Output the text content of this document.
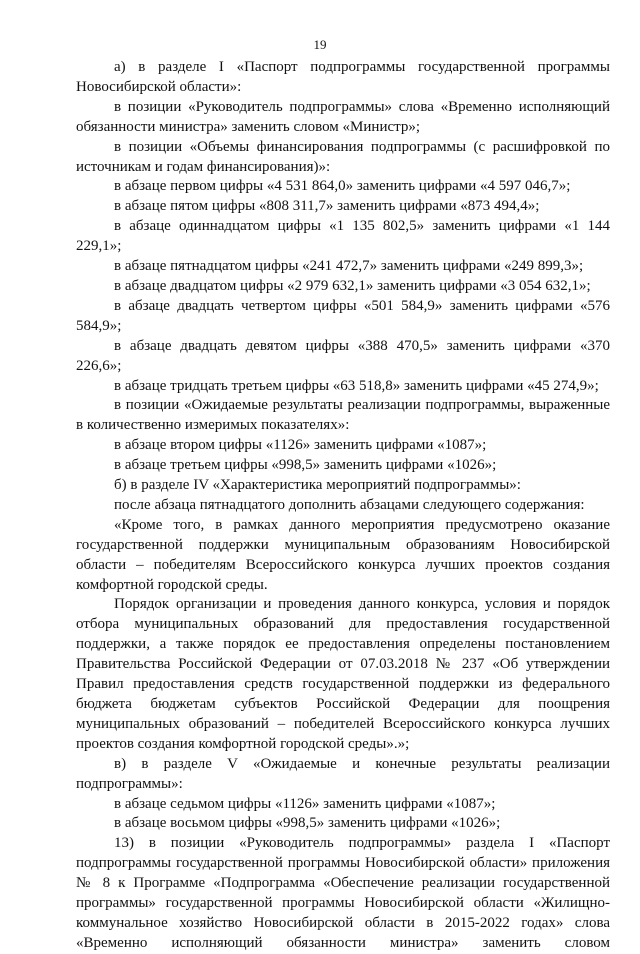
19

а) в разделе I «Паспорт подпрограммы государственной программы Новосибирской области»:

в позиции «Руководитель подпрограммы» слова «Временно исполняющий обязанности министра» заменить словом «Министр»;

в позиции «Объемы финансирования подпрограммы (с расшифровкой по источникам и годам финансирования)»:

в абзаце первом цифры «4 531 864,0» заменить цифрами «4 597 046,7»;

в абзаце пятом цифры «808 311,7» заменить цифрами «873 494,4»;

в абзаце одиннадцатом цифры «1 135 802,5» заменить цифрами «1 144 229,1»;

в абзаце пятнадцатом цифры «241 472,7» заменить цифрами «249 899,3»;

в абзаце двадцатом цифры «2 979 632,1» заменить цифрами «3 054 632,1»;

в абзаце двадцать четвертом цифры «501 584,9» заменить цифрами «576 584,9»;

в абзаце двадцать девятом цифры «388 470,5» заменить цифрами «370 226,6»;

в абзаце тридцать третьем цифры «63 518,8» заменить цифрами «45 274,9»;

в позиции «Ожидаемые результаты реализации подпрограммы, выраженные в количественно измеримых показателях»:

в абзаце втором цифры «1126» заменить цифрами «1087»;

в абзаце третьем цифры «998,5» заменить цифрами «1026»;

б) в разделе IV «Характеристика мероприятий подпрограммы»:

после абзаца пятнадцатого дополнить абзацами следующего содержания:

«Кроме того, в рамках данного мероприятия предусмотрено оказание государственной поддержки муниципальным образованиям Новосибирской области – победителям Всероссийского конкурса лучших проектов создания комфортной городской среды.

Порядок организации и проведения данного конкурса, условия и порядок отбора муниципальных образований для предоставления государственной поддержки, а также порядок ее предоставления определены постановлением Правительства Российской Федерации от 07.03.2018 № 237 «Об утверждении Правил предоставления средств государственной поддержки из федерального бюджета бюджетам субъектов Российской Федерации для поощрения муниципальных образований – победителей Всероссийского конкурса лучших проектов создания комфортной городской среды».»;

в) в разделе V «Ожидаемые и конечные результаты реализации подпрограммы»:

в абзаце седьмом цифры «1126» заменить цифрами «1087»;

в абзаце восьмом цифры «998,5» заменить цифрами «1026»;

13) в позиции «Руководитель подпрограммы» раздела I «Паспорт подпрограммы государственной программы Новосибирской области» приложения № 8 к Программе «Подпрограмма «Обеспечение реализации государственной программы» государственной программы Новосибирской области «Жилищно-коммунальное хозяйство Новосибирской области в 2015-2022 годах» слова «Временно исполняющий обязанности министра» заменить словом
